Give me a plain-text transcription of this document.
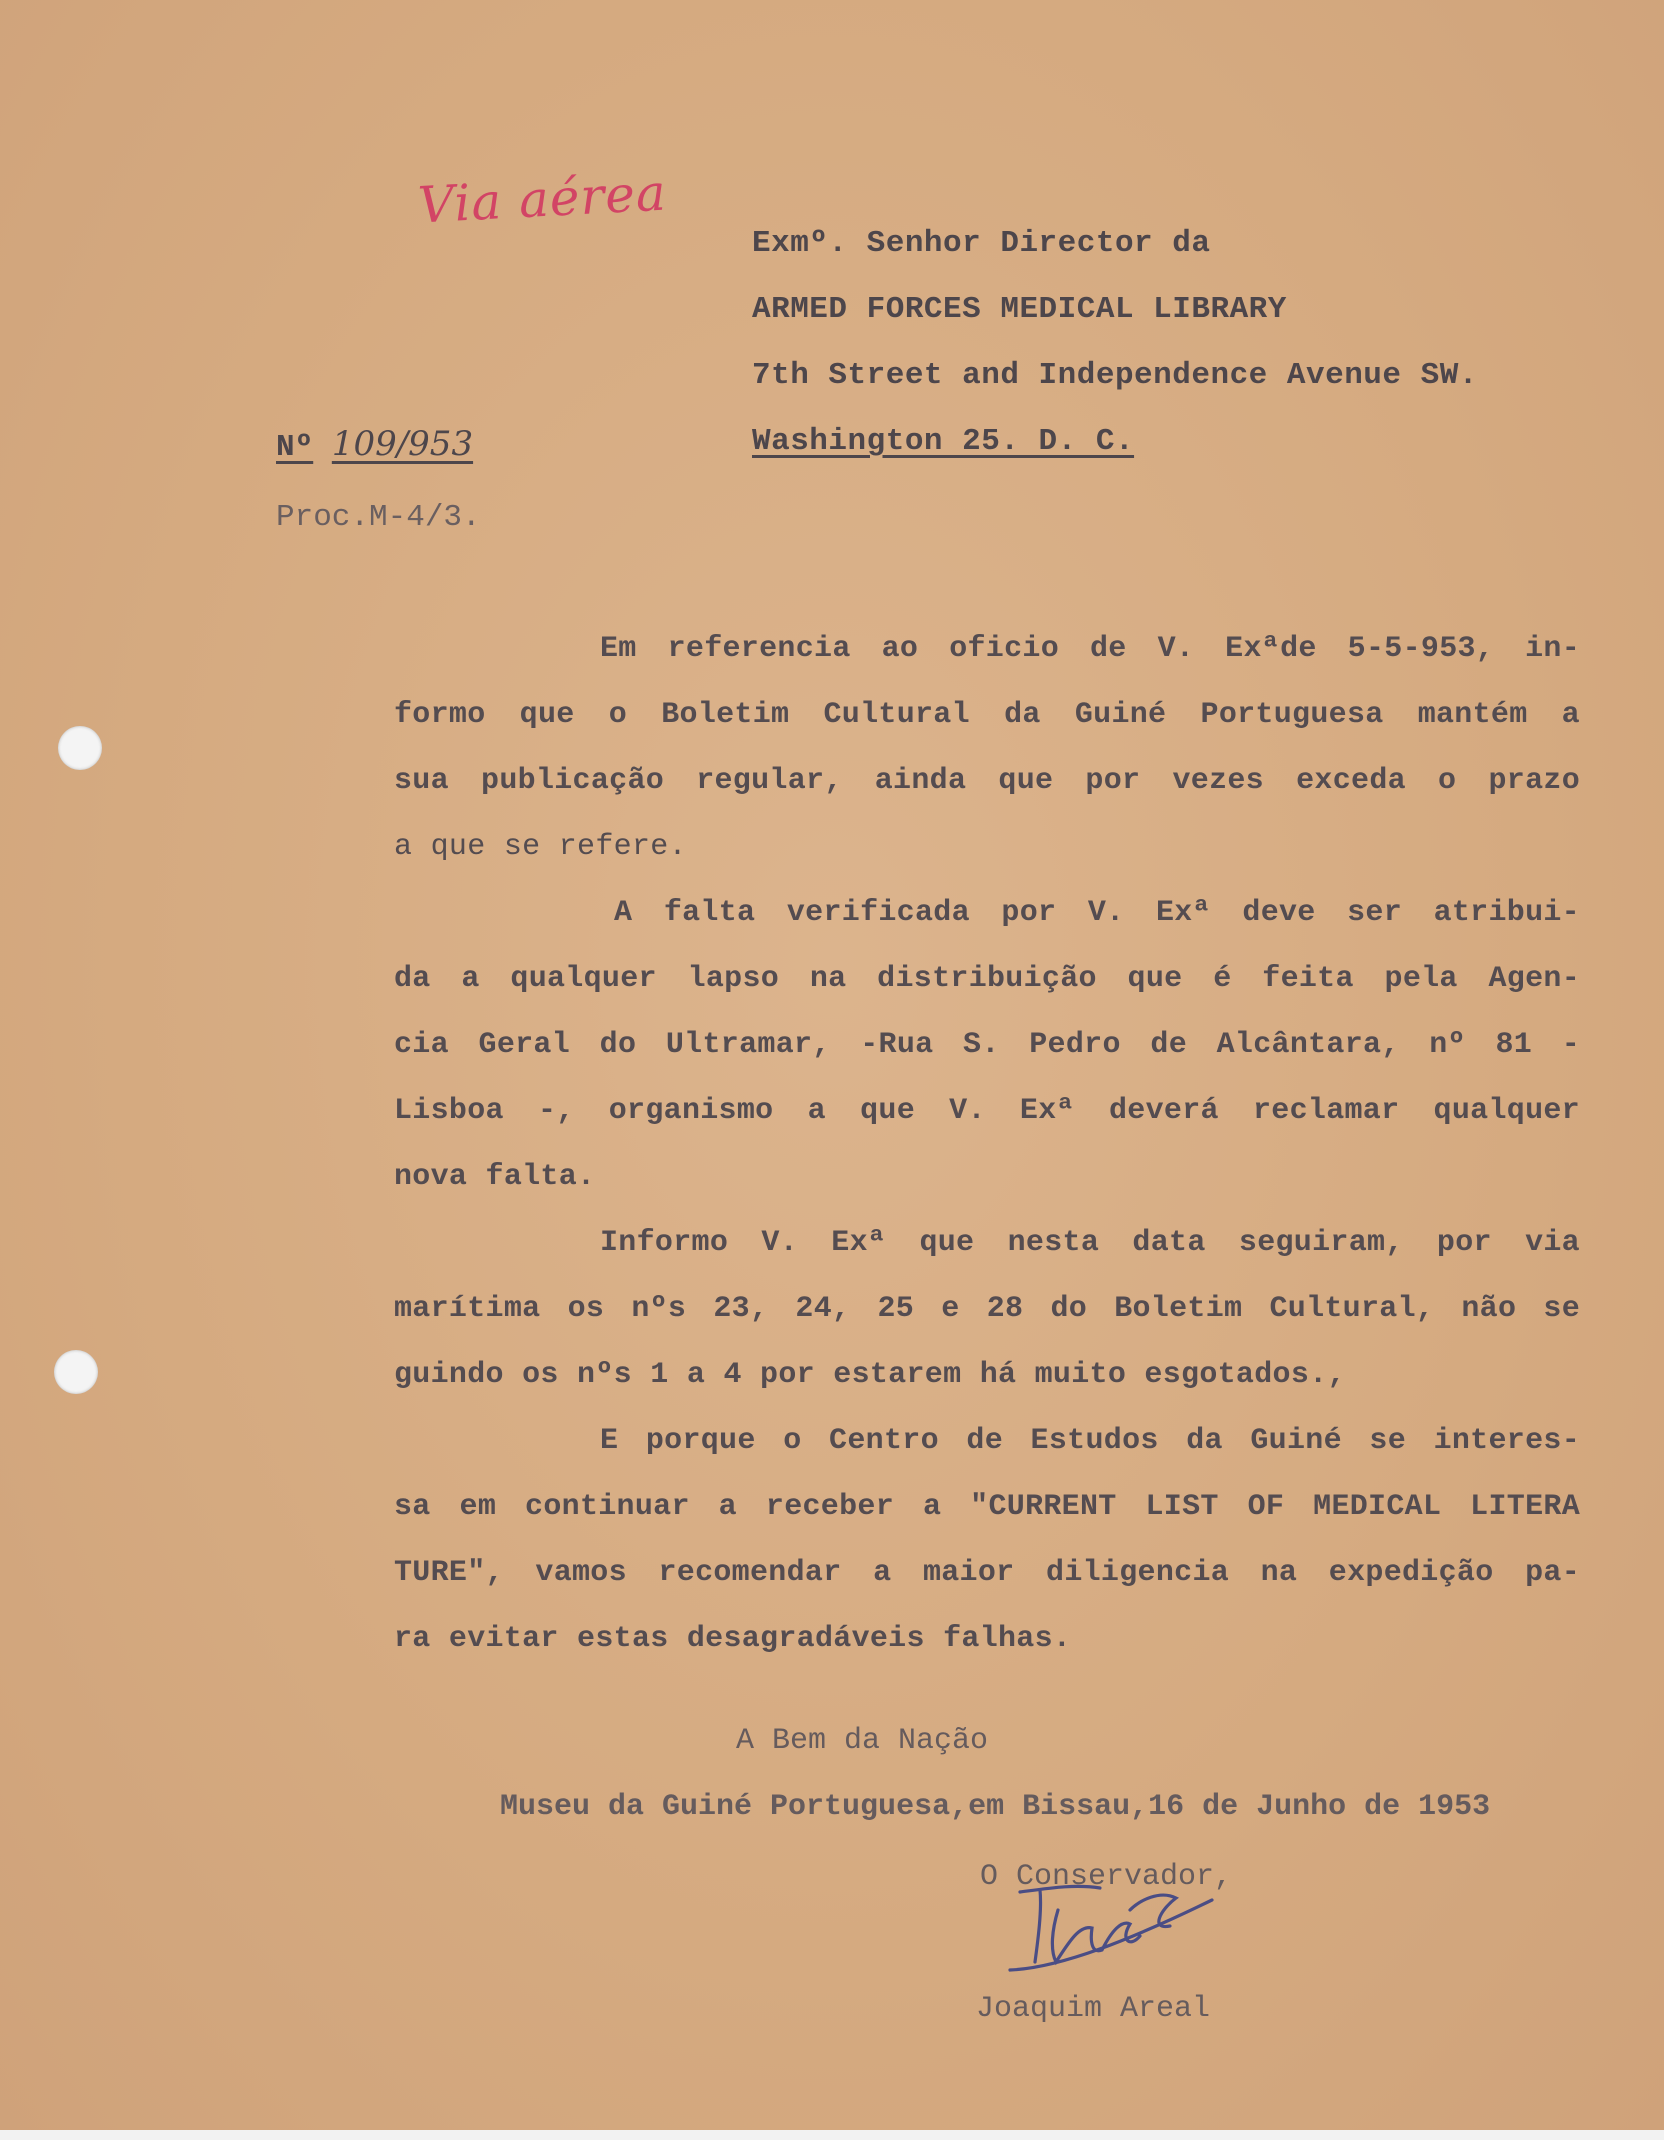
Via aérea
Exmº. Senhor Director da
ARMED FORCES MEDICAL LIBRARY
7th Street and Independence Avenue SW.
Washington 25. D. C.
Nº 109/953
Proc.M-4/3.
Em referencia ao oficio de V. Exªde 5-5-953, in-
formo que o Boletim Cultural da Guiné Portuguesa mantém a
sua publicação regular, ainda que por vezes exceda o prazo
a que se refere.
A falta verificada por V. Exª deve ser atribui-
da a qualquer lapso na distribuição que é feita pela Agen-
cia Geral do Ultramar, -Rua S. Pedro de Alcântara, nº 81 -
Lisboa -, organismo a que V. Exª deverá reclamar qualquer
nova falta.
Informo V. Exª que nesta data seguiram, por via
marítima os nºs 23, 24, 25 e 28 do Boletim Cultural, não se
guindo os nºs 1 a 4 por estarem há muito esgotados.,
E porque o Centro de Estudos da Guiné se interes-
sa em continuar a receber a "CURRENT LIST OF MEDICAL LITERA
TURE", vamos recomendar a maior diligencia na expedição pa-
ra evitar estas desagradáveis falhas.
A Bem da Nação
Museu da Guiné Portuguesa,em Bissau,16 de Junho de 1953
O Conservador,
Joaquim Areal
